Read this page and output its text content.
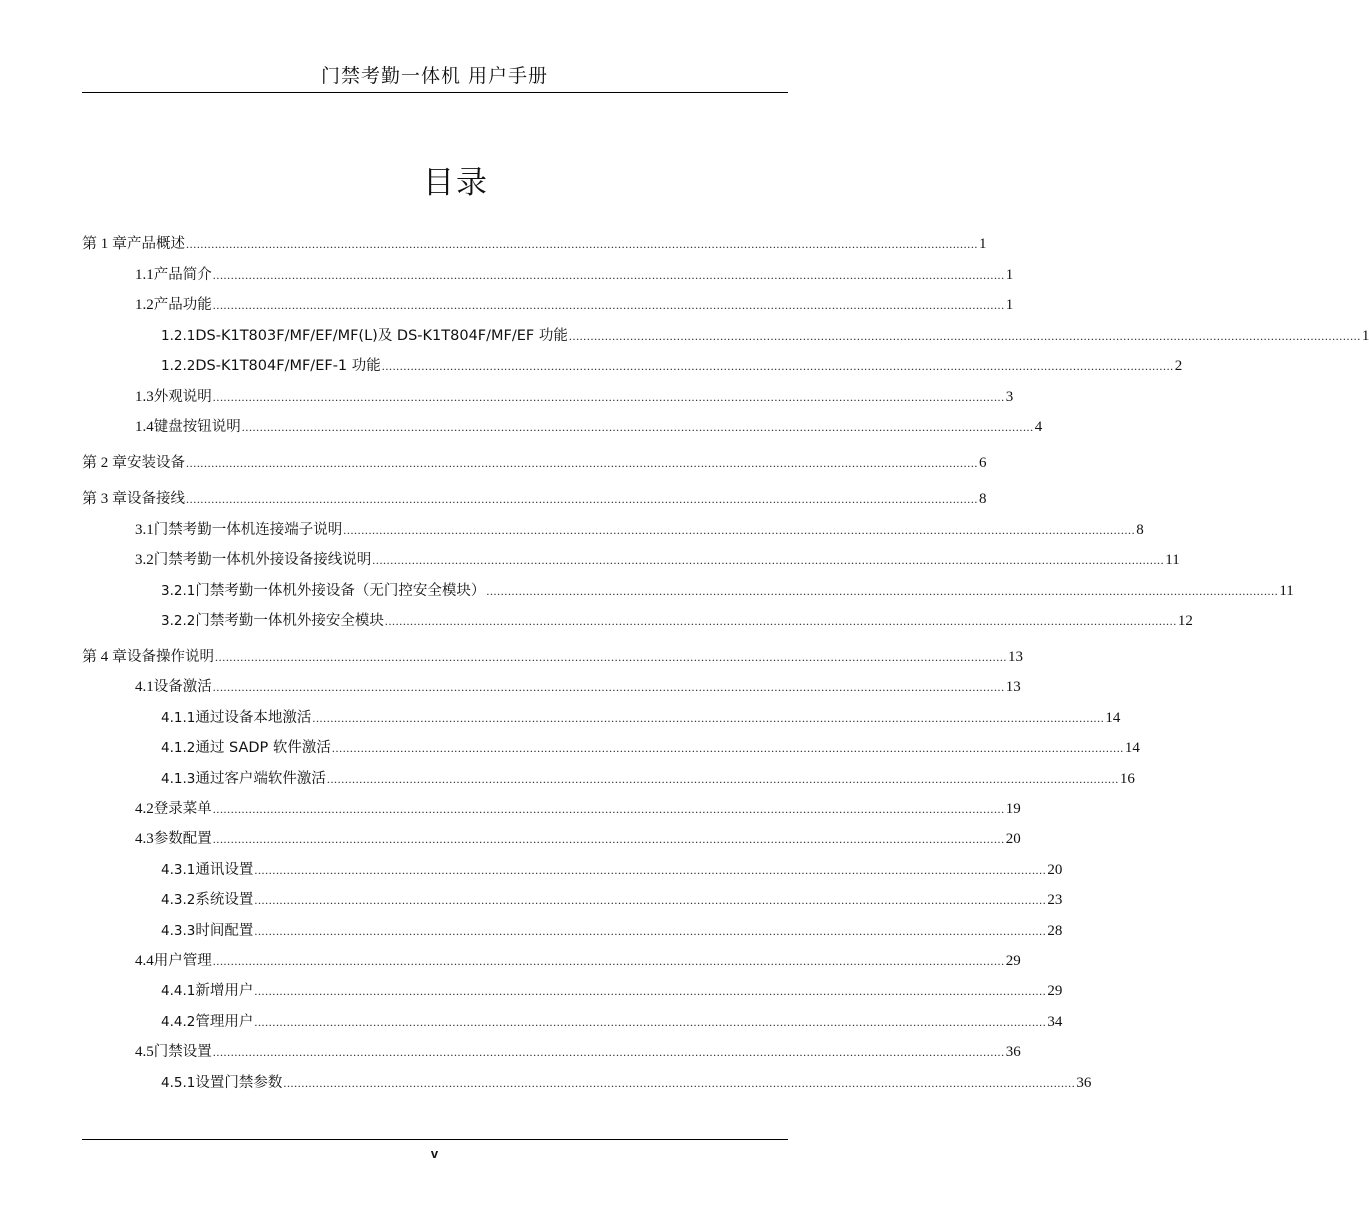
门禁考勤一体机 用户手册
目录
第 1 章 产品概述 ............................................................................................................................................................................................................................ 1
1.1 产品简介 ............................................................................................................................................................................................................................ 1
1.2 产品功能 ............................................................................................................................................................................................................................ 1
1.2.1 DS-K1T803F/MF/EF/MF(L)及 DS-K1T804F/MF/EF 功能 ............................................................................................................................................................................................................................ 1
1.2.2 DS-K1T804F/MF/EF-1 功能 ............................................................................................................................................................................................................................ 2
1.3 外观说明 ............................................................................................................................................................................................................................ 3
1.4 键盘按钮说明 ............................................................................................................................................................................................................................ 4
第 2 章 安装设备 ............................................................................................................................................................................................................................ 6
第 3 章 设备接线 ............................................................................................................................................................................................................................ 8
3.1 门禁考勤一体机连接端子说明 ............................................................................................................................................................................................................................ 8
3.2 门禁考勤一体机外接设备接线说明 ............................................................................................................................................................................................................................ 11
3.2.1 门禁考勤一体机外接设备（无门控安全模块） ............................................................................................................................................................................................................................ 11
3.2.2 门禁考勤一体机外接安全模块 ............................................................................................................................................................................................................................ 12
第 4 章 设备操作说明 ............................................................................................................................................................................................................................ 13
4.1 设备激活 ............................................................................................................................................................................................................................ 13
4.1.1 通过设备本地激活 ............................................................................................................................................................................................................................ 14
4.1.2 通过 SADP 软件激活 ............................................................................................................................................................................................................................ 14
4.1.3 通过客户端软件激活 ............................................................................................................................................................................................................................ 16
4.2 登录菜单 ............................................................................................................................................................................................................................ 19
4.3 参数配置 ............................................................................................................................................................................................................................ 20
4.3.1 通讯设置 ............................................................................................................................................................................................................................ 20
4.3.2 系统设置 ............................................................................................................................................................................................................................ 23
4.3.3 时间配置 ............................................................................................................................................................................................................................ 28
4.4 用户管理 ............................................................................................................................................................................................................................ 29
4.4.1 新增用户 ............................................................................................................................................................................................................................ 29
4.4.2 管理用户 ............................................................................................................................................................................................................................ 34
4.5 门禁设置 ............................................................................................................................................................................................................................ 36
4.5.1 设置门禁参数 ............................................................................................................................................................................................................................ 36
v
